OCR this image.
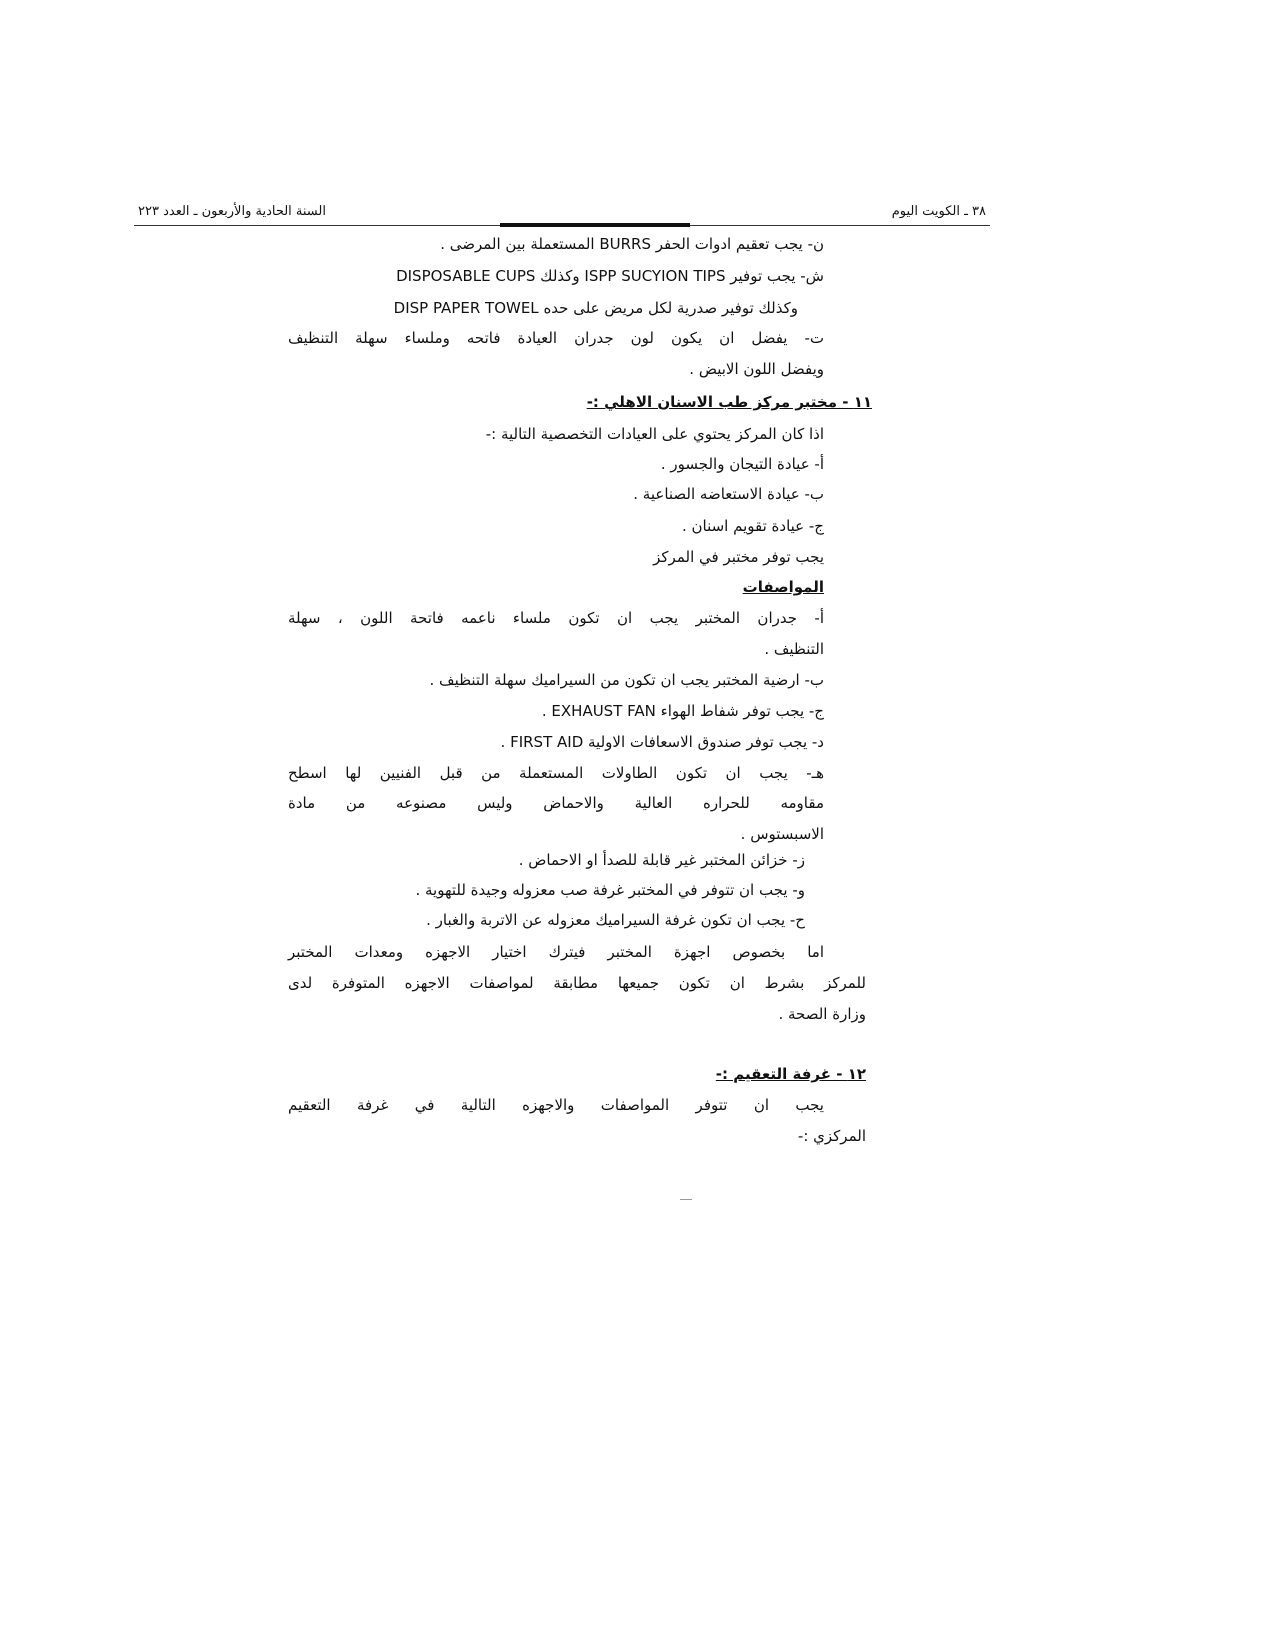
السنة الحادية والأربعون ـ العدد ٢٢٣	٣٨ ـ الكويت اليوم
ن- يجب تعقيم ادوات الحفر BURRS المستعملة بين المرضى .
ش- يجب توفير ISPP SUCYION TIPS وكذلك DISPOSABLE CUPS
وكذلك توفير صدرية لكل مريض على حده DISP PAPER TOWEL
ت- يفضل ان يكون لون جدران العيادة فاتحه وملساء سهلة التنظيف
ويفضل اللون الابيض .
١١ - مختبر مركز طب الاسنان الاهلي :-
اذا كان المركز يحتوي على العيادات التخصصية التالية :-
أ- عيادة التيجان والجسور .
ب- عيادة الاستعاضه الصناعية .
ج- عيادة تقويم اسنان .
يجب توفر مختبر في المركز
المواصفات
أ- جدران المختبر يجب ان تكون ملساء ناعمه فاتحة اللون ، سهلة
التنظيف .
ب- ارضية المختبر يجب ان تكون من السيراميك سهلة التنظيف .
ج- يجب توفر شفاط الهواء EXHAUST FAN .
د- يجب توفر صندوق الاسعافات الاولية FIRST AID .
هـ- يجب ان تكون الطاولات المستعملة من قبل الفنيين لها اسطح
مقاومه للحراره العالية والاحماض وليس مصنوعه من مادة
الاسبستوس .
ز- خزائن المختبر غير قابلة للصدأ او الاحماض .
و- يجب ان تتوفر في المختبر غرفة صب معزوله وجيدة للتهوية .
ح- يجب ان تكون غرفة السيراميك معزوله عن الاتربة والغبار .
اما بخصوص اجهزة المختبر فيترك اختيار الاجهزه ومعدات المختبر
للمركز بشرط ان تكون جميعها مطابقة لمواصفات الاجهزه المتوفرة لدى
وزارة الصحة .
١٢ - غرفة التعقيم :-
يجب ان تتوفر المواصفات والاجهزه التالية في غرفة التعقيم
المركزي :-
